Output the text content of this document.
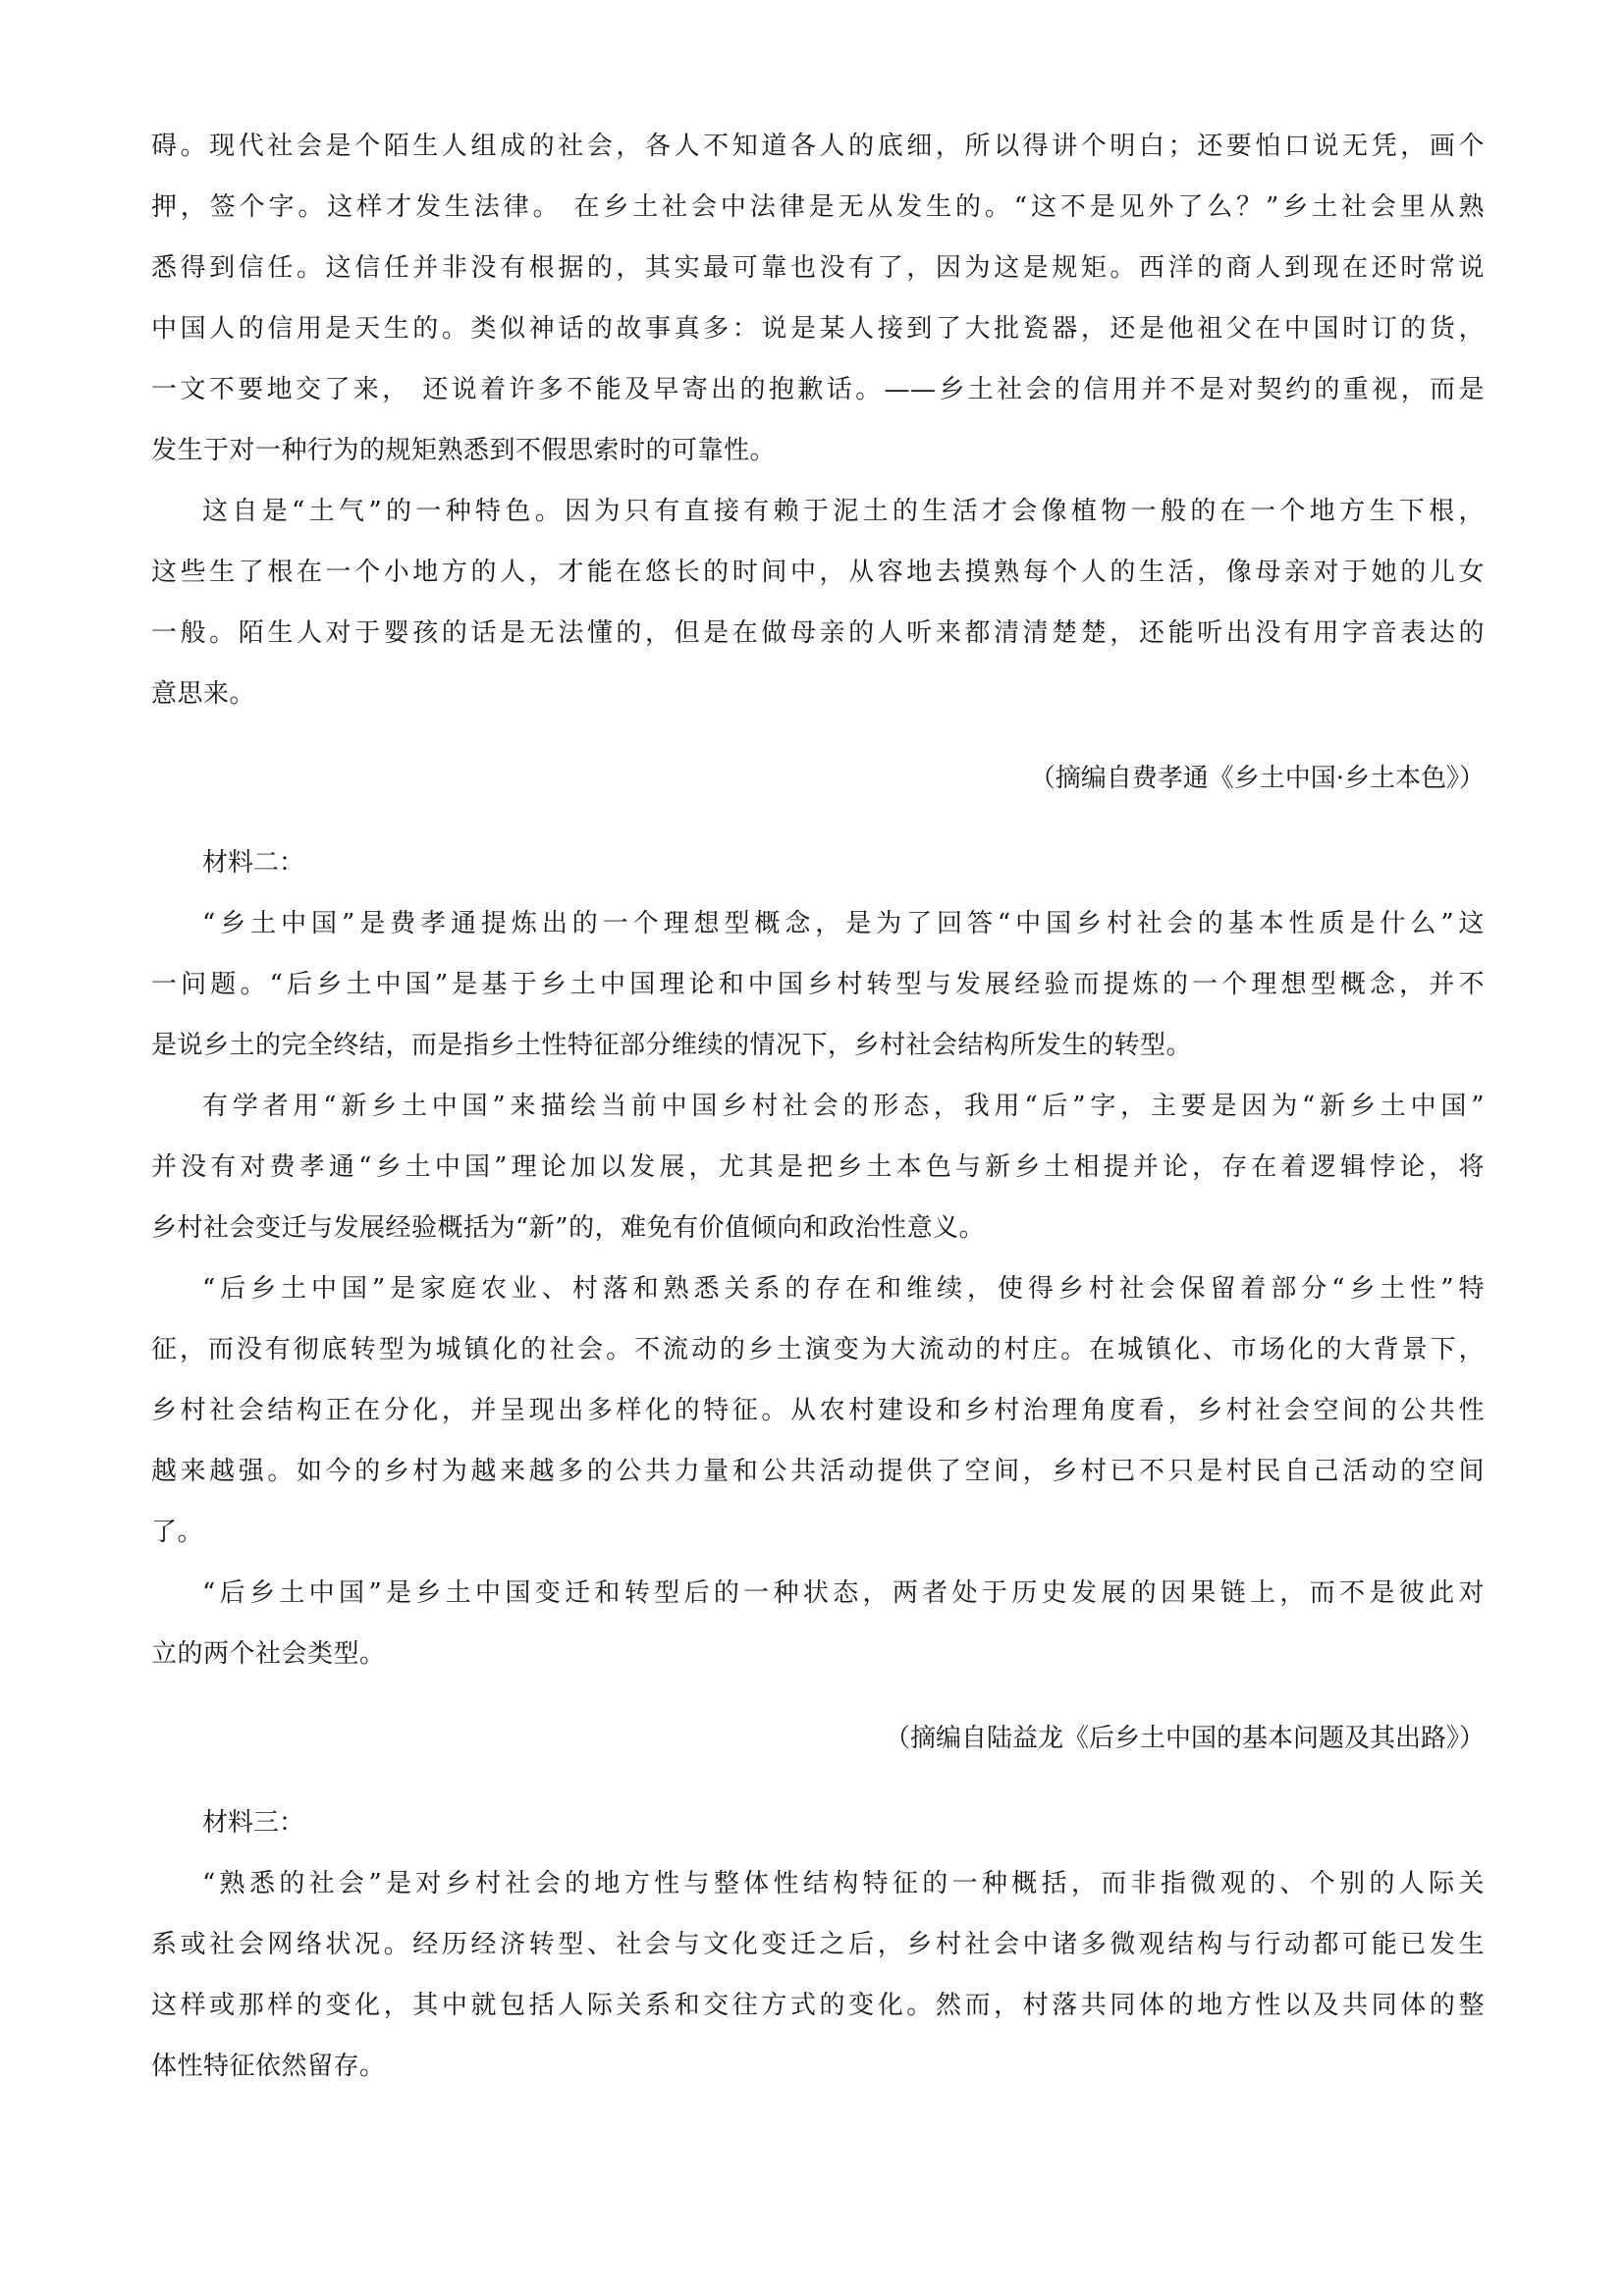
碍。现代社会是个陌生人组成的社会，各人不知道各人的底细，所以得讲个明白；还要怕口说无凭，画个
押，签个字。这样才发生法律。 在乡土社会中法律是无从发生的。“这不是见外了么？”乡土社会里从熟
悉得到信任。这信任并非没有根据的，其实最可靠也没有了，因为这是规矩。西洋的商人到现在还时常说
中国人的信用是天生的。类似神话的故事真多：说是某人接到了大批瓷器，还是他祖父在中国时订的货，
一文不要地交了来， 还说着许多不能及早寄出的抱歉话。——乡土社会的信用并不是对契约的重视，而是
发生于对一种行为的规矩熟悉到不假思索时的可靠性。
这自是“土气”的一种特色。因为只有直接有赖于泥土的生活才会像植物一般的在一个地方生下根，
这些生了根在一个小地方的人，才能在悠长的时间中，从容地去摸熟每个人的生活，像母亲对于她的儿女
一般。陌生人对于婴孩的话是无法懂的，但是在做母亲的人听来都清清楚楚，还能听出没有用字音表达的
意思来。

（摘编自费孝通《乡土中国·乡土本色》）

材料二：

“乡土中国”是费孝通提炼出的一个理想型概念，是为了回答“中国乡村社会的基本性质是什么”这
一问题。“后乡土中国”是基于乡土中国理论和中国乡村转型与发展经验而提炼的一个理想型概念，并不
是说乡土的完全终结，而是指乡土性特征部分维续的情况下，乡村社会结构所发生的转型。
有学者用“新乡土中国”来描绘当前中国乡村社会的形态，我用“后”字，主要是因为“新乡土中国”
并没有对费孝通“乡土中国”理论加以发展，尤其是把乡土本色与新乡土相提并论，存在着逻辑悖论，将
乡村社会变迁与发展经验概括为“新”的，难免有价值倾向和政治性意义。
“后乡土中国”是家庭农业、村落和熟悉关系的存在和维续，使得乡村社会保留着部分“乡土性”特
征，而没有彻底转型为城镇化的社会。不流动的乡土演变为大流动的村庄。在城镇化、市场化的大背景下，
乡村社会结构正在分化，并呈现出多样化的特征。从农村建设和乡村治理角度看，乡村社会空间的公共性
越来越强。如今的乡村为越来越多的公共力量和公共活动提供了空间，乡村已不只是村民自己活动的空间
了。
“后乡土中国”是乡土中国变迁和转型后的一种状态，两者处于历史发展的因果链上，而不是彼此对
立的两个社会类型。

（摘编自陆益龙《后乡土中国的基本问题及其出路》）

材料三：

“熟悉的社会”是对乡村社会的地方性与整体性结构特征的一种概括，而非指微观的、个别的人际关
系或社会网络状况。经历经济转型、社会与文化变迁之后，乡村社会中诸多微观结构与行动都可能已发生
这样或那样的变化，其中就包括人际关系和交往方式的变化。然而，村落共同体的地方性以及共同体的整
体性特征依然留存。
